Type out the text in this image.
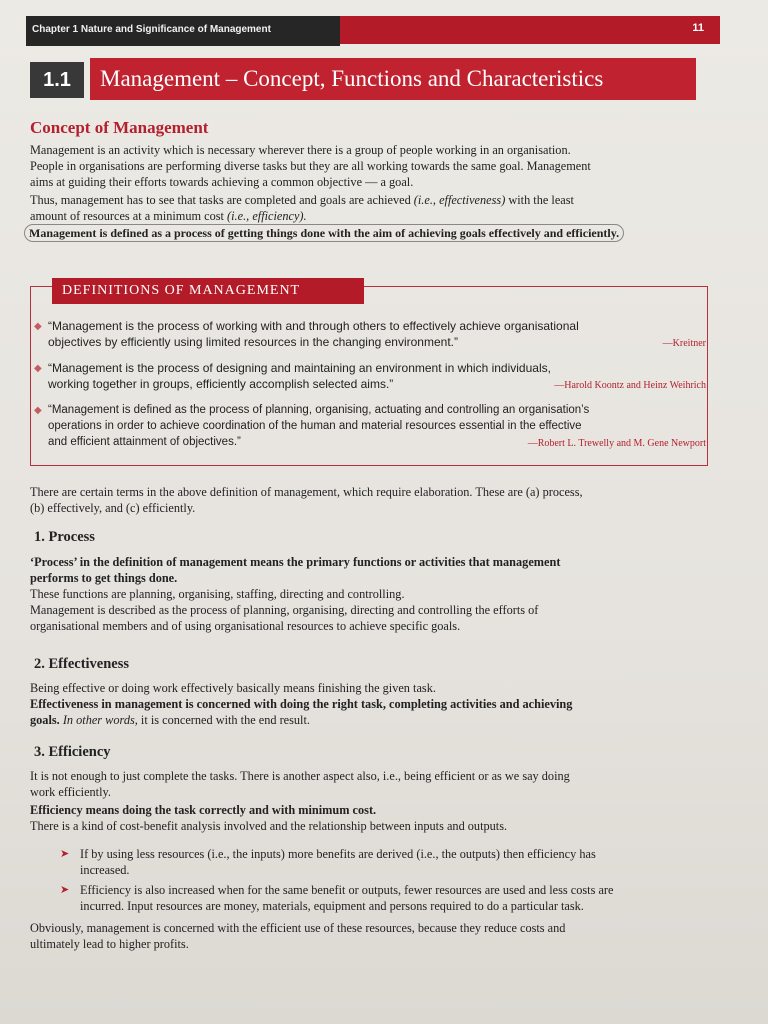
Chapter 1 Nature and Significance of Management	11
1.1	Management – Concept, Functions and Characteristics
Concept of Management
Management is an activity which is necessary wherever there is a group of people working in an organisation.
People in organisations are performing diverse tasks but they are all working towards the same goal. Management
aims at guiding their efforts towards achieving a common objective — a goal.
Thus, management has to see that tasks are completed and goals are achieved (i.e., effectiveness) with the least
amount of resources at a minimum cost (i.e., efficiency).
Management is defined as a process of getting things done with the aim of achieving goals effectively and efficiently.
DEFINITIONS OF MANAGEMENT
◆ “Management is the process of working with and through others to effectively achieve organisational
objectives by efficiently using limited resources in the changing environment.”	—Kreitner
◆ “Management is the process of designing and maintaining an environment in which individuals,
working together in groups, efficiently accomplish selected aims.”	—Harold Koontz and Heinz Weihrich
◆ “Management is defined as the process of planning, organising, actuating and controlling an organisation’s
operations in order to achieve coordination of the human and material resources essential in the effective
and efficient attainment of objectives.”	—Robert L. Trewelly and M. Gene Newport
There are certain terms in the above definition of management, which require elaboration. These are (a) process,
(b) effectively, and (c) efficiently.
1. Process
‘Process’ in the definition of management means the primary functions or activities that management
performs to get things done.
These functions are planning, organising, staffing, directing and controlling.
Management is described as the process of planning, organising, directing and controlling the efforts of
organisational members and of using organisational resources to achieve specific goals.
2. Effectiveness
Being effective or doing work effectively basically means finishing the given task.
Effectiveness in management is concerned with doing the right task, completing activities and achieving
goals. In other words, it is concerned with the end result.
3. Efficiency
It is not enough to just complete the tasks. There is another aspect also, i.e., being efficient or as we say doing
work efficiently.
Efficiency means doing the task correctly and with minimum cost.
There is a kind of cost-benefit analysis involved and the relationship between inputs and outputs.
➤ If by using less resources (i.e., the inputs) more benefits are derived (i.e., the outputs) then efficiency has
increased.
➤ Efficiency is also increased when for the same benefit or outputs, fewer resources are used and less costs are
incurred. Input resources are money, materials, equipment and persons required to do a particular task.
Obviously, management is concerned with the efficient use of these resources, because they reduce costs and
ultimately lead to higher profits.
